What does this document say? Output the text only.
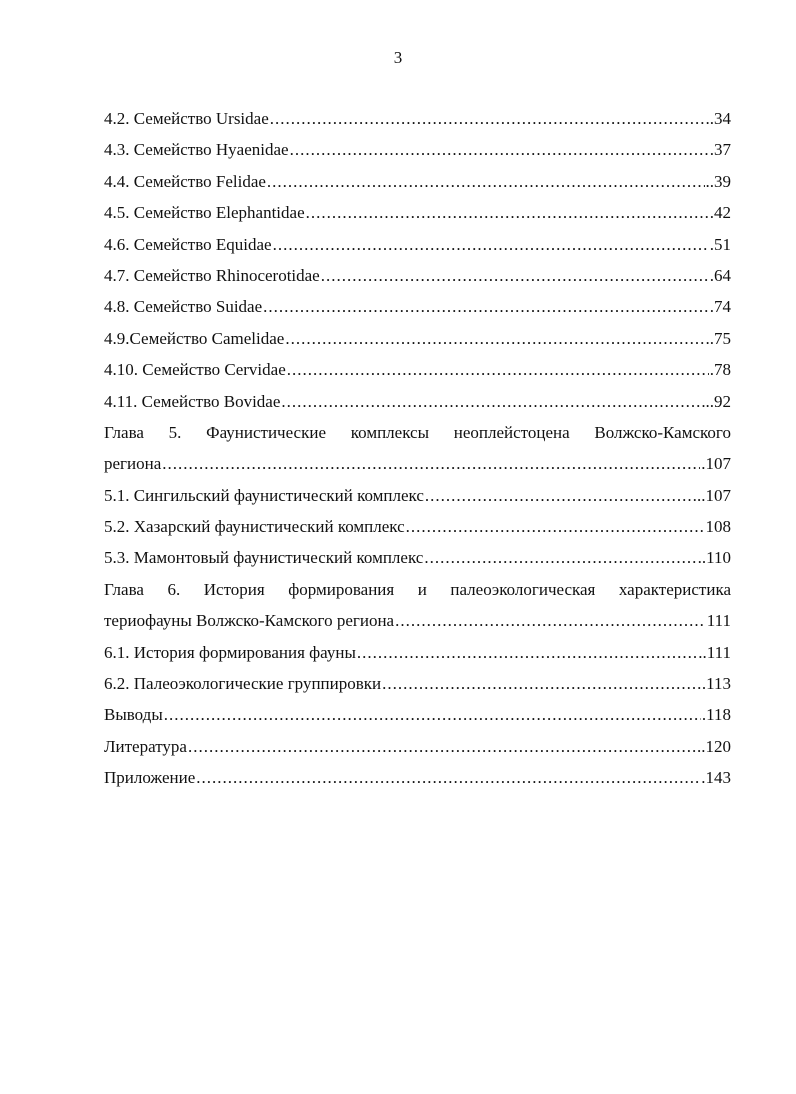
3
4.2. Семейство Ursidae .....	.34
4.3. Семейство Hyaenidae .....	.37
4.4. Семейство Felidae .....	..39
4.5. Семейство Elephantidae .....	.42
4.6. Семейство Equidae .....	.51
4.7. Семейство Rhinocerotidae .....	.64
4.8. Семейство Suidae .....	.74
4.9.Семейство Camelidae .....	..75
4.10. Семейство Cervidae .....	.78
4.11. Семейство Bovidae .....	..92
Глава 5. Фаунистические комплексы неоплейстоцена Волжско-Камского
региона .....	.107
5.1. Сингильский фаунистический комплекс .....	..107
5.2. Хазарский фаунистический комплекс .....	108
5.3. Мамонтовый фаунистический комплекс .....	..110
Глава 6. История формирования и палеоэкологическая характеристика
териофауны Волжско-Камского региона .....	111
6.1. История формирования фауны .....	..111
6.2. Палеоэкологические группировки .....	.113
Выводы .....	.118
Литература .....	..120
Приложение .....	.143
